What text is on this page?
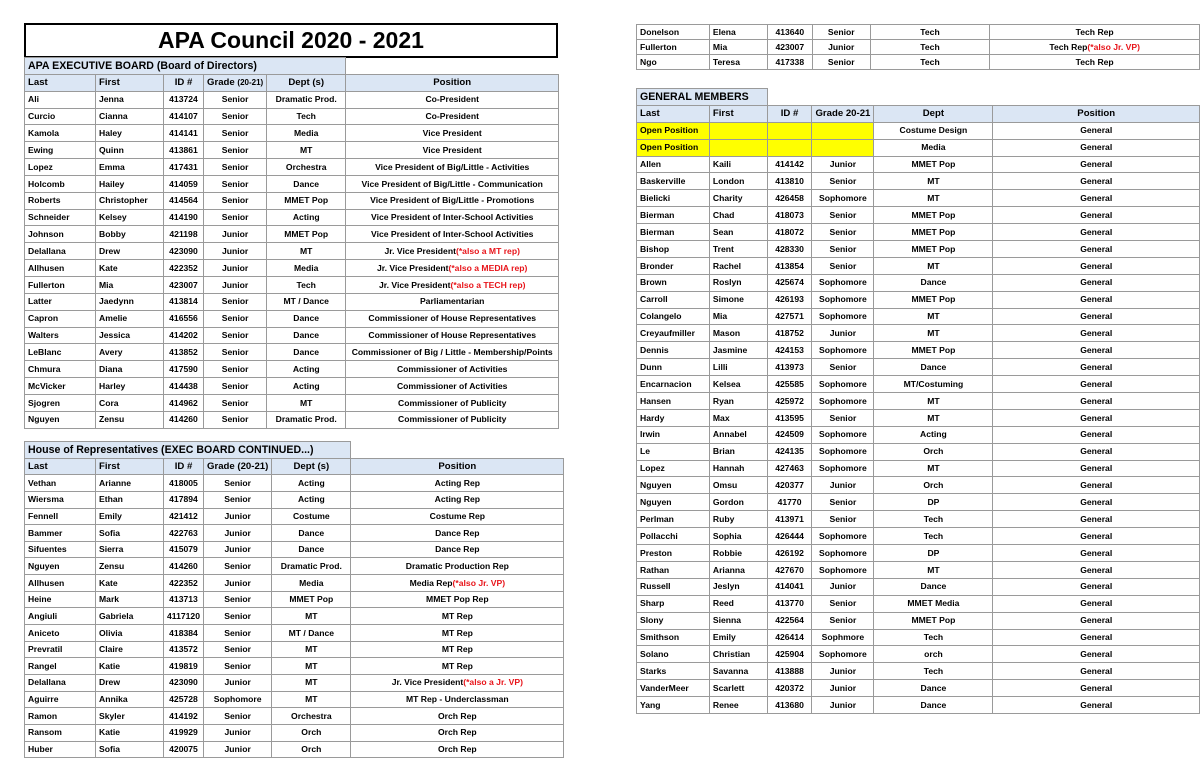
APA Council 2020 - 2021
APA EXECUTIVE BOARD (Board of Directors)					
Last	First	ID #	Grade (20-21)	Dept (s)	Position
Ali	Jenna	413724	Senior	Dramatic Prod.	Co-President
Curcio	Cianna	414107	Senior	Tech	Co-President
Kamola	Haley	414141	Senior	Media	Vice President
Ewing	Quinn	413861	Senior	MT	Vice President
Lopez	Emma	417431	Senior	Orchestra	Vice President of Big/Little - Activities
Holcomb	Hailey	414059	Senior	Dance	Vice President of Big/Little - Communication
Roberts	Christopher	414564	Senior	MMET Pop	Vice President of Big/Little - Promotions
Schneider	Kelsey	414190	Senior	Acting	Vice President of Inter-School Activities
Johnson	Bobby	421198	Junior	MMET Pop	Vice President of Inter-School Activities
Delallana	Drew	423090	Junior	MT	Jr. Vice President(*also a MT rep)
Allhusen	Kate	422352	Junior	Media	Jr. Vice President(*also a MEDIA rep)
Fullerton	Mia	423007	Junior	Tech	Jr. Vice President(*also a TECH rep)
Latter	Jaedynn	413814	Senior	MT / Dance	Parliamentarian
Capron	Amelie	416556	Senior	Dance	Commissioner of House Representatives
Walters	Jessica	414202	Senior	Dance	Commissioner of House Representatives
LeBlanc	Avery	413852	Senior	Dance	Commissioner of Big / Little - Membership/Points
Chmura	Diana	417590	Senior	Acting	Commissioner of Activities
McVicker	Harley	414438	Senior	Acting	Commissioner of Activities
Sjogren	Cora	414962	Senior	MT	Commissioner of Publicity
Nguyen	Zensu	414260	Senior	Dramatic Prod.	Commissioner of Publicity
House of Representatives (EXEC BOARD CONTINUED...)					
Last	First	ID #	Grade (20-21)	Dept (s)	Position
Vethan	Arianne	418005	Senior	Acting	Acting Rep
Wiersma	Ethan	417894	Senior	Acting	Acting Rep
Fennell	Emily	421412	Junior	Costume	Costume Rep
Bammer	Sofia	422763	Junior	Dance	Dance Rep
Sifuentes	Sierra	415079	Junior	Dance	Dance Rep
Nguyen	Zensu	414260	Senior	Dramatic Prod.	Dramatic Production Rep
Allhusen	Kate	422352	Junior	Media	Media Rep(*also Jr. VP)
Heine	Mark	413713	Senior	MMET Pop	MMET Pop Rep
Angiuli	Gabriela	4117120	Senior	MT	MT Rep
Aniceto	Olivia	418384	Senior	MT / Dance	MT Rep
Prevratil	Claire	413572	Senior	MT	MT Rep
Rangel	Katie	419819	Senior	MT	MT Rep
Delallana	Drew	423090	Junior	MT	Jr. Vice President(*also a Jr. VP)
Aguirre	Annika	425728	Sophomore	MT	MT Rep - Underclassman
Ramon	Skyler	414192	Senior	Orchestra	Orch Rep
Ransom	Katie	419929	Junior	Orch	Orch Rep
Huber	Sofia	420075	Junior	Orch	Orch Rep
Donelson	Elena	413640	Senior	Tech	Tech Rep
Fullerton	Mia	423007	Junior	Tech	Tech Rep(*also Jr. VP)
Ngo	Teresa	417338	Senior	Tech	Tech Rep
GENERAL MEMBERS					
Last	First	ID #	Grade 20-21	Dept	Position
Open Position				Costume Design	General
Open Position				Media	General
Allen	Kaili	414142	Junior	MMET Pop	General
Baskerville	London	413810	Senior	MT	General
Bielicki	Charity	426458	Sophomore	MT	General
Bierman	Chad	418073	Senior	MMET Pop	General
Bierman	Sean	418072	Senior	MMET Pop	General
Bishop	Trent	428330	Senior	MMET Pop	General
Bronder	Rachel	413854	Senior	MT	General
Brown	Roslyn	425674	Sophomore	Dance	General
Carroll	Simone	426193	Sophomore	MMET Pop	General
Colangelo	Mia	427571	Sophomore	MT	General
Creyaufmiller	Mason	418752	Junior	MT	General
Dennis	Jasmine	424153	Sophomore	MMET Pop	General
Dunn	Lilli	413973	Senior	Dance	General
Encarnacion	Kelsea	425585	Sophomore	MT/Costuming	General
Hansen	Ryan	425972	Sophomore	MT	General
Hardy	Max	413595	Senior	MT	General
Irwin	Annabel	424509	Sophomore	Acting	General
Le	Brian	424135	Sophomore	Orch	General
Lopez	Hannah	427463	Sophomore	MT	General
Nguyen	Omsu	420377	Junior	Orch	General
Nguyen	Gordon	41770	Senior	DP	General
Perlman	Ruby	413971	Senior	Tech	General
Pollacchi	Sophia	426444	Sophomore	Tech	General
Preston	Robbie	426192	Sophomore	DP	General
Rathan	Arianna	427670	Sophomore	MT	General
Russell	Jeslyn	414041	Junior	Dance	General
Sharp	Reed	413770	Senior	MMET Media	General
Slony	Sienna	422564	Senior	MMET Pop	General
Smithson	Emily	426414	Sophmore	Tech	General
Solano	Christian	425904	Sophomore	orch	General
Starks	Savanna	413888	Junior	Tech	General
VanderMeer	Scarlett	420372	Junior	Dance	General
Yang	Renee	413680	Junior	Dance	General
